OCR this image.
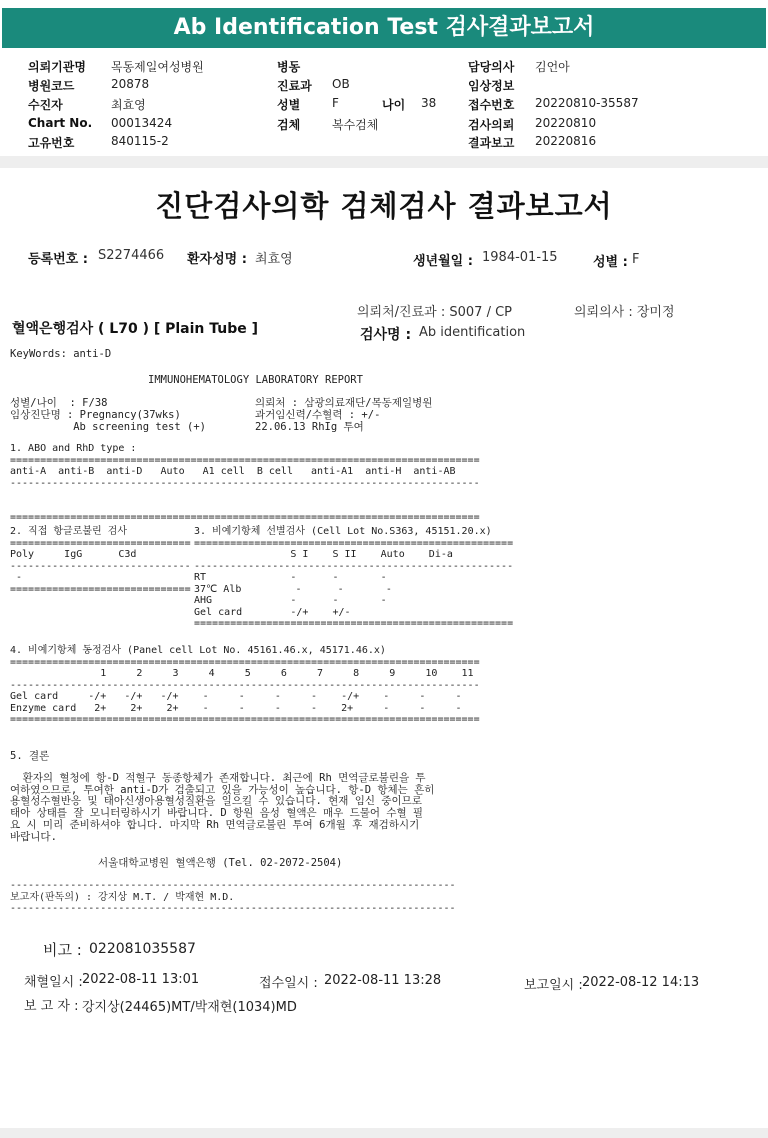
Ab Identification Test 검사결과보고서
의뢰기관명 목동제일여성병원
병원코드	20878
수진자	최효영
Chart No. 00013424
고유번호	840115-2
병동
진료과 OB
성별	F	나이 38
검체	복수검체
담당의사 김언아
임상정보
접수번호 20220810-35587
검사의뢰 20220810
결과보고 20220816
진단검사의학 검체검사 결과보고서
등록번호 : S2274466 환자성명 : 최효영	생년월일 : 1984-01-15	성별 : F
의뢰처/진료과 : S007 / CP	의뢰의사 : 장미정
혈액은행검사 ( L70 ) [ Plain Tube ]	검사명 : Ab identification
KeyWords: anti-D
IMMUNOHEMATOLOGY LABORATORY REPORT
성별/나이  : F/38
임상진단명 : Pregnancy(37wks)
Ab screening test (+)
의뢰처 : 삼광의료재단/목동제일병원
과거임신력/수혈력 : +/-
22.06.13 RhIg 투여
1. ABO and RhD type :
==============================================================================
anti-A  anti-B  anti-D   Auto   A1 cell  B cell   anti-A1  anti-H  anti-AB
------------------------------------------------------------------------------

==============================================================================
2. 직접 항글로불린 검사
==============================
Poly     IgG      C3d
------------------------------
-
==============================
3. 비예기항체 선별검사 (Cell Lot No.S363, 45151.20.x)
=====================================================
S I    S II    Auto    Di-a
-----------------------------------------------------
RT              -      -       -
37℃ Alb         -      -       -
AHG             -      -       -
Gel card        -/+    +/-
=====================================================
4. 비예기항체 동정검사 (Panel cell Lot No. 45161.46.x, 45171.46.x)
==============================================================================
1     2     3     4     5     6     7     8     9     10    11
------------------------------------------------------------------------------
Gel card     -/+   -/+   -/+    -     -     -     -    -/+    -     -     -
Enzyme card   2+    2+    2+    -     -     -     -    2+     -     -     -
==============================================================================
5. 결론
환자의 혈청에 항-D 적혈구 동종항체가 존재합니다. 최근에 Rh 면역글로불린을 투
여하였으므로, 투여한 anti-D가 검출되고 있을 가능성이 높습니다. 항-D 항체는 흔히
용혈성수혈반응 및 태아신생아용혈성질환을 일으킬 수 있습니다. 현재 임신 중이므로
태아 상태를 잘 모니터링하시기 바랍니다. D 항원 음성 혈액은 매우 드물어 수혈 필
요 시 미리 준비하셔야 합니다. 마지막 Rh 면역글로불린 투여 6개월 후 재검하시기
바랍니다.
서울대학교병원 혈액은행 (Tel. 02-2072-2504)
--------------------------------------------------------------------------
보고자(판독의) : 강지상 M.T. / 박재현 M.D.
--------------------------------------------------------------------------
비고 : 022081035587
채혈일시 : 2022-08-11 13:01	접수일시 : 2022-08-11 13:28	보고일시 : 2022-08-12 14:13
보 고 자 : 강지상(24465)MT/박재현(1034)MD
